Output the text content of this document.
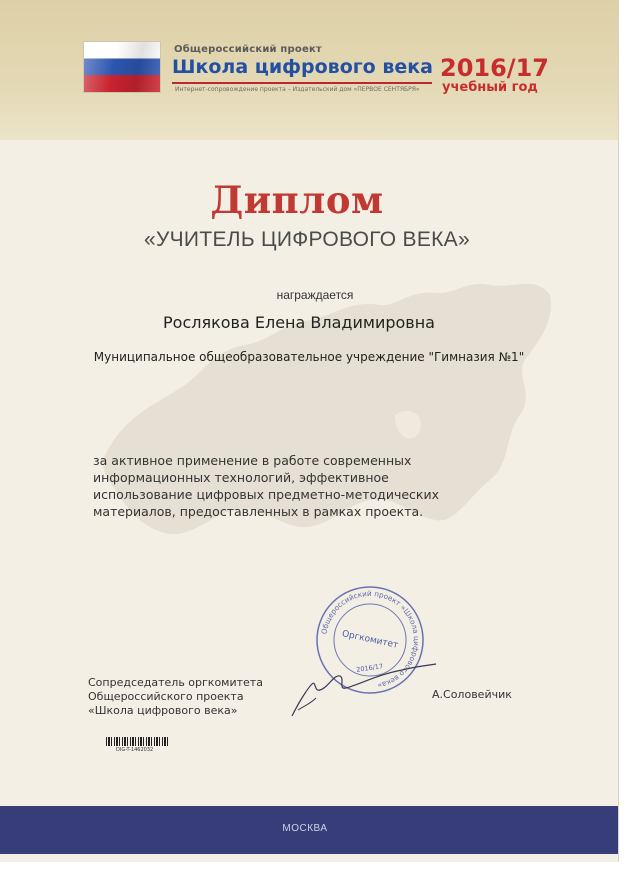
Общероссийский проект
Школа цифрового века
Интернет-сопровождение проекта – Издательский дом «ПЕРВОЕ СЕНТЯБРЯ»
2016/17
учебный год
Диплом
«УЧИТЕЛЬ ЦИФРОВОГО ВЕКА»
награждается
Рослякова Елена Владимировна
Муниципальное общеобразовательное учреждение "Гимназия №1"
за активное применение в работе современных
информационных технологий, эффективное
использование цифровых предметно-методических
материалов, предоставленных в рамках проекта.
Общероссийский проект «Школа цифрового века»
Оргкомитет
2016/17
Сопредседатель оргкомитета
Общероссийского проекта
«Школа цифрового века»
А.Соловейчик
DIG-T-1462032
МОСКВА
